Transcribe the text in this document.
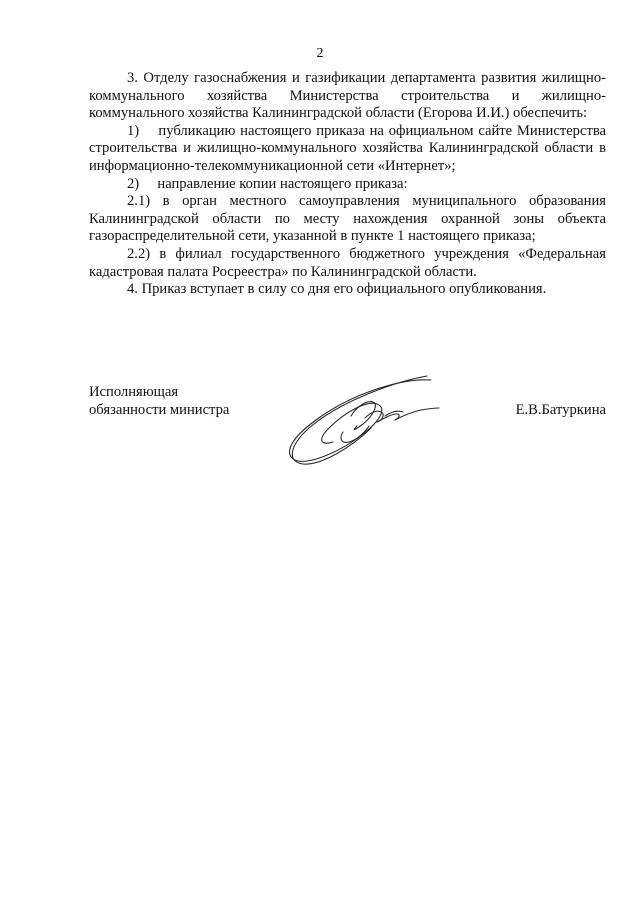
2

3. Отделу газоснабжения и газификации департамента развития жилищно-коммунального хозяйства Министерства строительства и жилищно-коммунального хозяйства Калининградской области (Егорова И.И.) обеспечить:

1)    публикацию настоящего приказа на официальном сайте Министерства строительства и жилищно-коммунального хозяйства Калининградской области в информационно-телекоммуникационной сети «Интернет»;

2)     направление копии настоящего приказа:

2.1) в орган местного самоуправления муниципального образования Калининградской области по месту нахождения охранной зоны объекта газораспределительной сети, указанной в пункте 1 настоящего приказа;

2.2) в филиал государственного бюджетного учреждения «Федеральная кадастровая палата Росреестра» по Калининградской области.

4. Приказ вступает в силу со дня его официального опубликования.

Исполняющая
обязанности министра	Е.В.Батуркина
